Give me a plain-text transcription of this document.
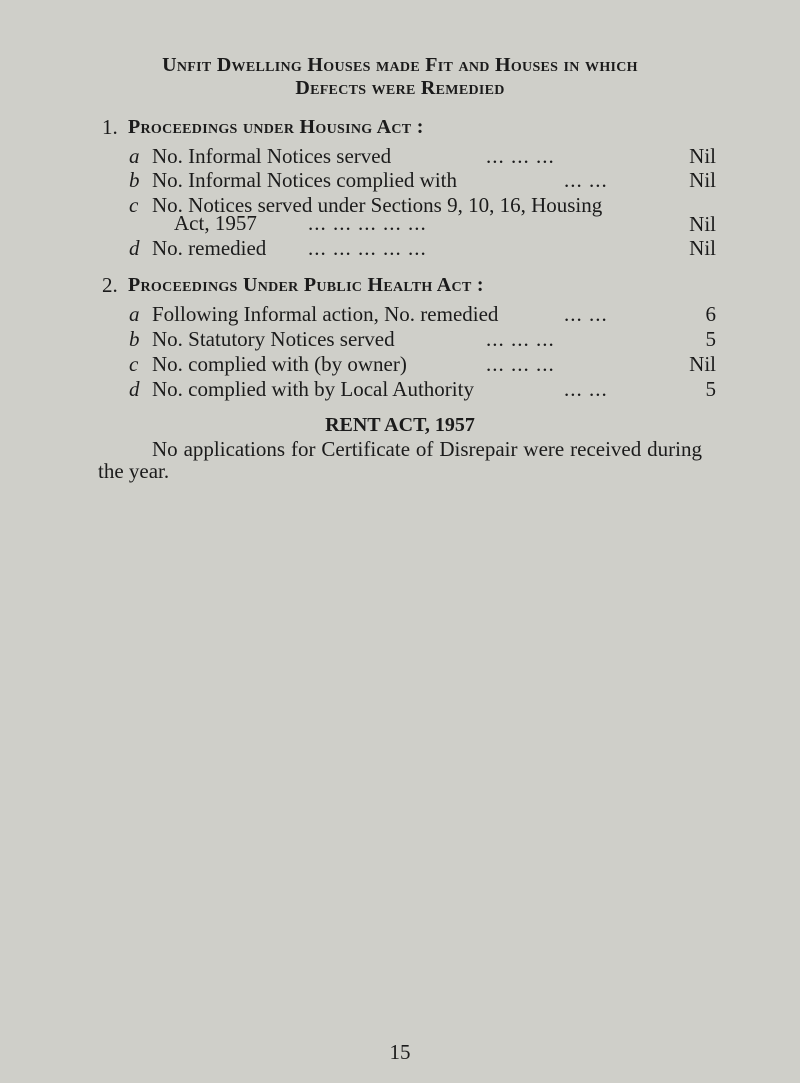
Unfit Dwelling Houses made Fit and Houses in which
Defects were Remedied
1. Proceedings under Housing Act :
a No. Informal Notices served	... ... ...	Nil
b No. Informal Notices complied with	... ...	Nil
c No. Notices served under Sections 9, 10, 16, Housing
Act, 1957 ... ... ... ... ...	Nil
d No. remedied ... ... ... ... ...	Nil
2. Proceedings Under Public Health Act :
a Following Informal action, No. remedied	... ...	6
b No. Statutory Notices served	... ... ...	5
c No. complied with (by owner)	... ... ...	Nil
d No. complied with by Local Authority	... ...	5
RENT ACT, 1957
No applications for Certificate of Disrepair were received during the year.
15
